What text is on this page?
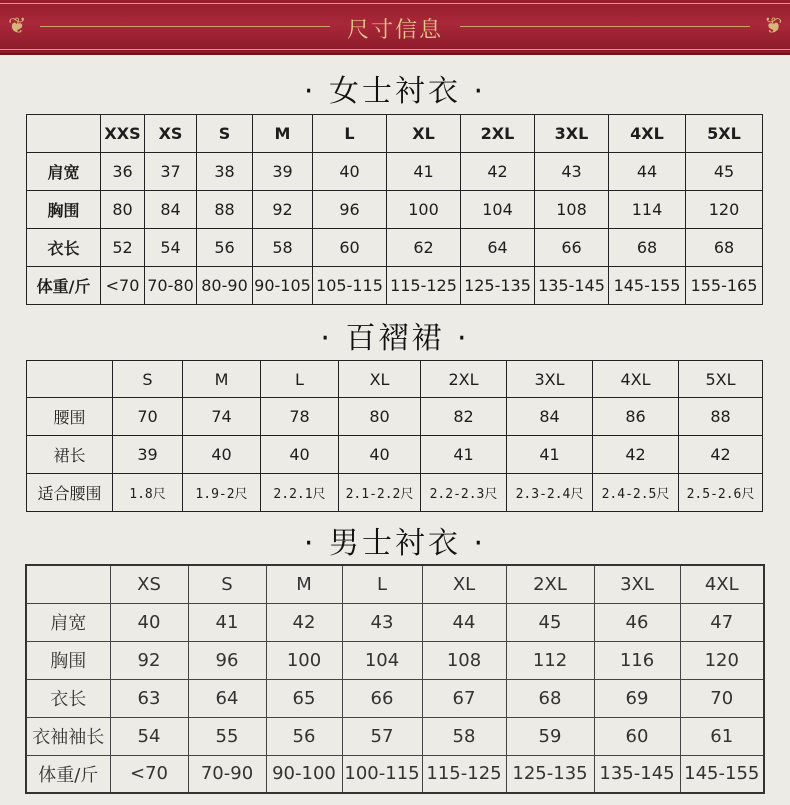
❦	尺寸信息	❦
· 女士衬衣 ·
	XXS	XS	S	M	L	XL	2XL	3XL	4XL	5XL
肩宽	36	37	38	39	40	41	42	43	44	45
胸围	80	84	88	92	96	100	104	108	114	120
衣长	52	54	56	58	60	62	64	66	68	68
体重/斤	<70	70-80	80-90	90-105	105-115	115-125	125-135	135-145	145-155	155-165
· 百褶裙 ·
	S	M	L	XL	2XL	3XL	4XL	5XL
腰围	70	74	78	80	82	84	86	88
裙长	39	40	40	40	41	41	42	42
适合腰围	1.8尺	1.9-2尺	2.2.1尺	2.1-2.2尺	2.2-2.3尺	2.3-2.4尺	2.4-2.5尺	2.5-2.6尺
· 男士衬衣 ·
	XS	S	M	L	XL	2XL	3XL	4XL
肩宽	40	41	42	43	44	45	46	47
胸围	92	96	100	104	108	112	116	120
衣长	63	64	65	66	67	68	69	70
衣袖袖长	54	55	56	57	58	59	60	61
体重/斤	<70	70-90	90-100	100-115	115-125	125-135	135-145	145-155
